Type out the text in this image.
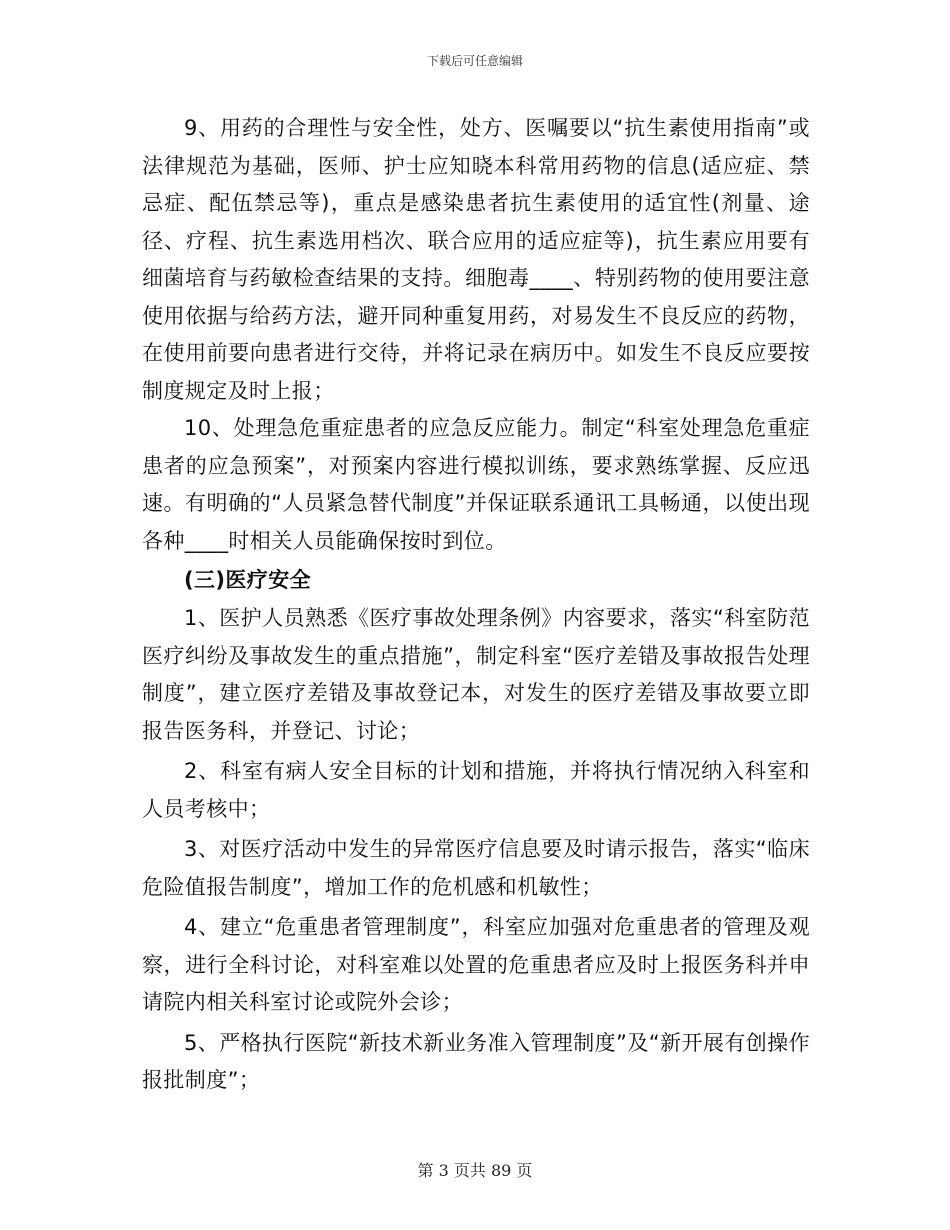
下载后可任意编辑

9、用药的合理性与安全性，处方、医嘱要以“抗生素使用指南”或法律规范为基础，医师、护士应知晓本科常用药物的信息(适应症、禁忌症、配伍禁忌等)，重点是感染患者抗生素使用的适宜性(剂量、途径、疗程、抗生素选用档次、联合应用的适应症等)，抗生素应用要有细菌培育与药敏检查结果的支持。细胞毒____、特别药物的使用要注意使用依据与给药方法，避开同种重复用药，对易发生不良反应的药物，在使用前要向患者进行交待，并将记录在病历中。如发生不良反应要按制度规定及时上报；

10、处理急危重症患者的应急反应能力。制定“科室处理急危重症患者的应急预案”，对预案内容进行模拟训练，要求熟练掌握、反应迅速。有明确的“人员紧急替代制度”并保证联系通讯工具畅通，以使出现各种____时相关人员能确保按时到位。

(三)医疗安全

1、医护人员熟悉《医疗事故处理条例》内容要求，落实“科室防范医疗纠纷及事故发生的重点措施”，制定科室“医疗差错及事故报告处理制度”，建立医疗差错及事故登记本，对发生的医疗差错及事故要立即报告医务科，并登记、讨论；

2、科室有病人安全目标的计划和措施，并将执行情况纳入科室和人员考核中；

3、对医疗活动中发生的异常医疗信息要及时请示报告，落实“临床危险值报告制度”，增加工作的危机感和机敏性；

4、建立“危重患者管理制度”，科室应加强对危重患者的管理及观察，进行全科讨论，对科室难以处置的危重患者应及时上报医务科并申请院内相关科室讨论或院外会诊；

5、严格执行医院“新技术新业务准入管理制度”及“新开展有创操作报批制度”；

第 3 页共 89 页
